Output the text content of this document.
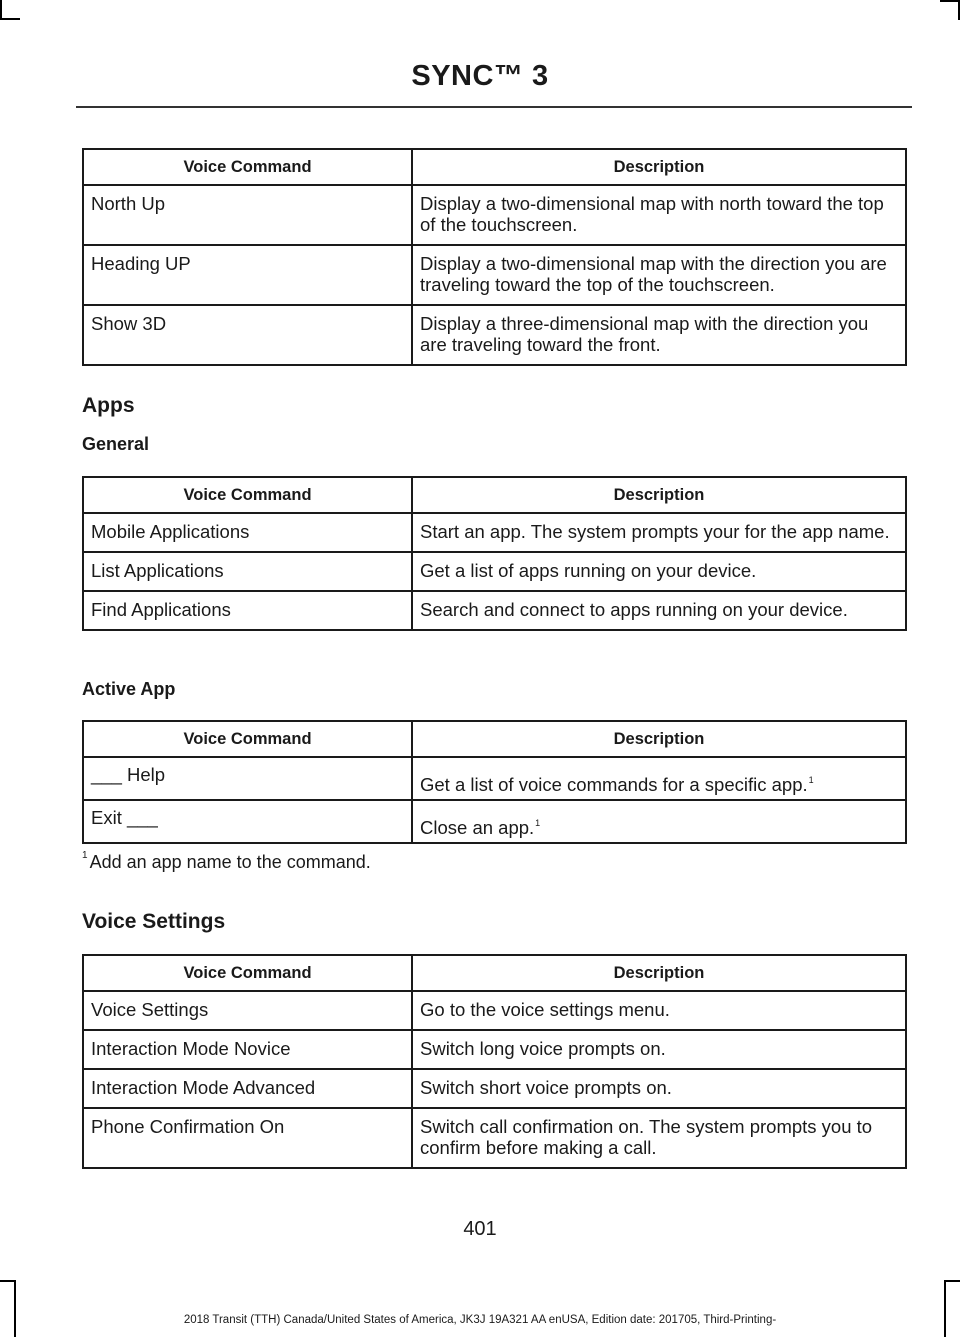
SYNC™ 3
Voice Command	Description
North Up	Display a two-dimensional map with north toward the top of the touchscreen.
Heading UP	Display a two-dimensional map with the direction you are traveling toward the top of the touchscreen.
Show 3D	Display a three-dimensional map with the direction you are traveling toward the front.
Apps
General
Voice Command	Description
Mobile Applications	Start an app. The system prompts your for the app name.
List Applications	Get a list of apps running on your device.
Find Applications	Search and connect to apps running on your device.
Active App
Voice Command	Description
___ Help	Get a list of voice commands for a specific app.$^1$
Exit ___	Close an app.$^1$
$^1$ Add an app name to the command.
Voice Settings
Voice Command	Description
Voice Settings	Go to the voice settings menu.
Interaction Mode Novice	Switch long voice prompts on.
Interaction Mode Advanced	Switch short voice prompts on.
Phone Confirmation On	Switch call confirmation on. The system prompts you to confirm before making a call.
401
2018 Transit (TTH) Canada/United States of America, JK3J 19A321 AA enUSA, Edition date: 201705, Third-Printing-
